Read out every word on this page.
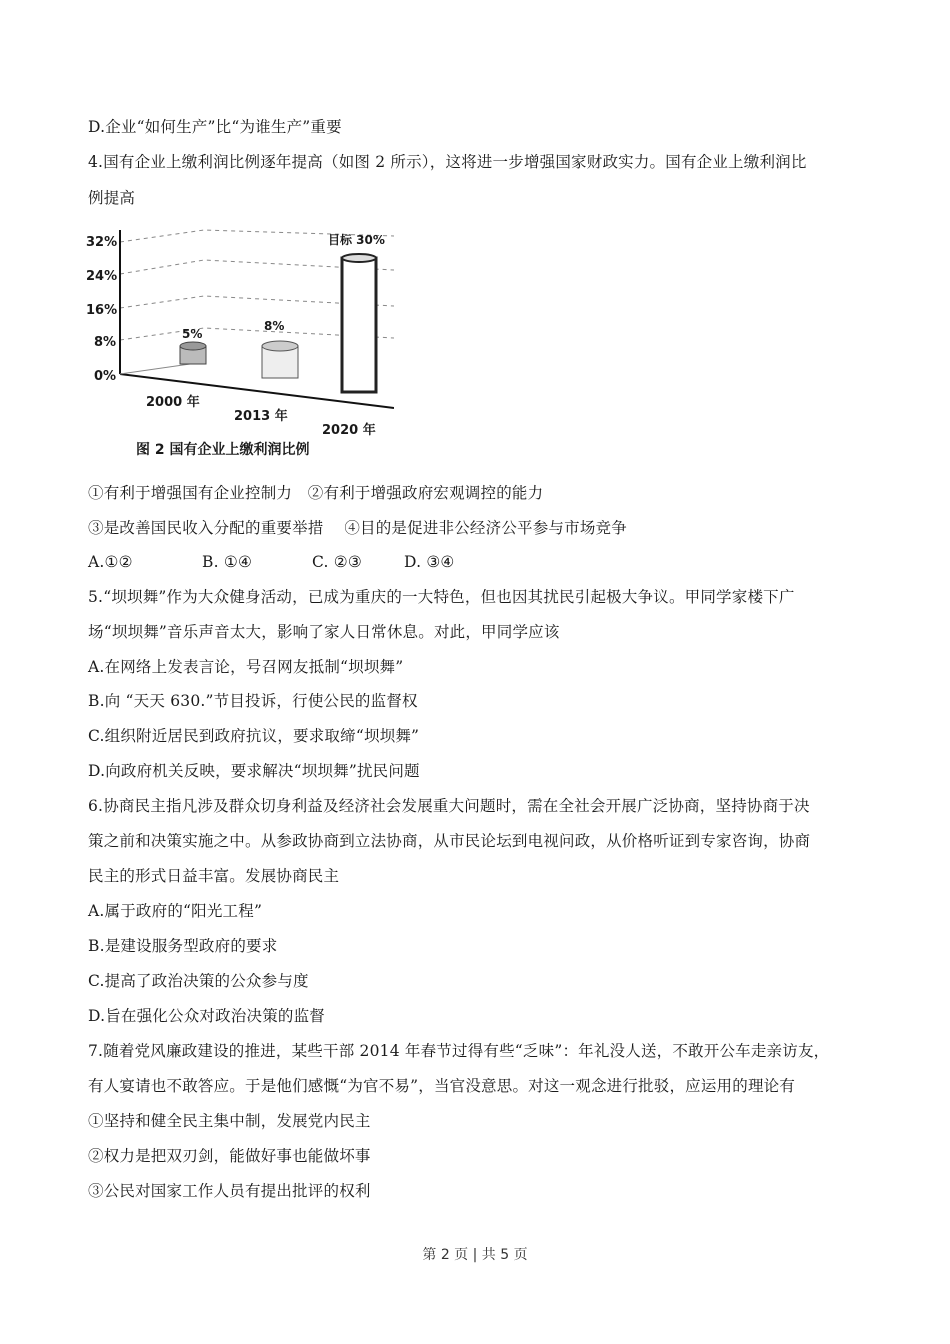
D.企业“如何生产”比“为谁生产”重要
4.国有企业上缴利润比例逐年提高（如图 2 所示），这将进一步增强国家财政实力。国有企业上缴利润比
例提高
32%
24%
16%
8%
0%
5%
8%
目标 30%
2000 年
2013 年
2020 年
图 2 国有企业上缴利润比例
①有利于增强国有企业控制力　②有利于增强政府宏观调控的能力
③是改善国民收入分配的重要举措　 ④目的是促进非公经济公平参与市场竞争
A.①②	B. ①④	C. ②③	D. ③④
5.“坝坝舞”作为大众健身活动，已成为重庆的一大特色，但也因其扰民引起极大争议。甲同学家楼下广
场“坝坝舞”音乐声音太大，影响了家人日常休息。对此，甲同学应该
A.在网络上发表言论，号召网友抵制“坝坝舞”
B.向 “天天 630.”节目投诉，行使公民的监督权
C.组织附近居民到政府抗议，要求取缔“坝坝舞”
D.向政府机关反映，要求解决“坝坝舞”扰民问题
6.协商民主指凡涉及群众切身利益及经济社会发展重大问题时，需在全社会开展广泛协商，坚持协商于决
策之前和决策实施之中。从参政协商到立法协商，从市民论坛到电视问政，从价格听证到专家咨询，协商
民主的形式日益丰富。发展协商民主
A.属于政府的“阳光工程”
B.是建设服务型政府的要求
C.提高了政治决策的公众参与度
D.旨在强化公众对政治决策的监督
7.随着党风廉政建设的推进，某些干部 2014 年春节过得有些“乏味”：年礼没人送，不敢开公车走亲访友，
有人宴请也不敢答应。于是他们感慨“为官不易”，当官没意思。对这一观念进行批驳，应运用的理论有
①坚持和健全民主集中制，发展党内民主
②权力是把双刃剑，能做好事也能做坏事
③公民对国家工作人员有提出批评的权利
第 2 页 | 共 5 页
